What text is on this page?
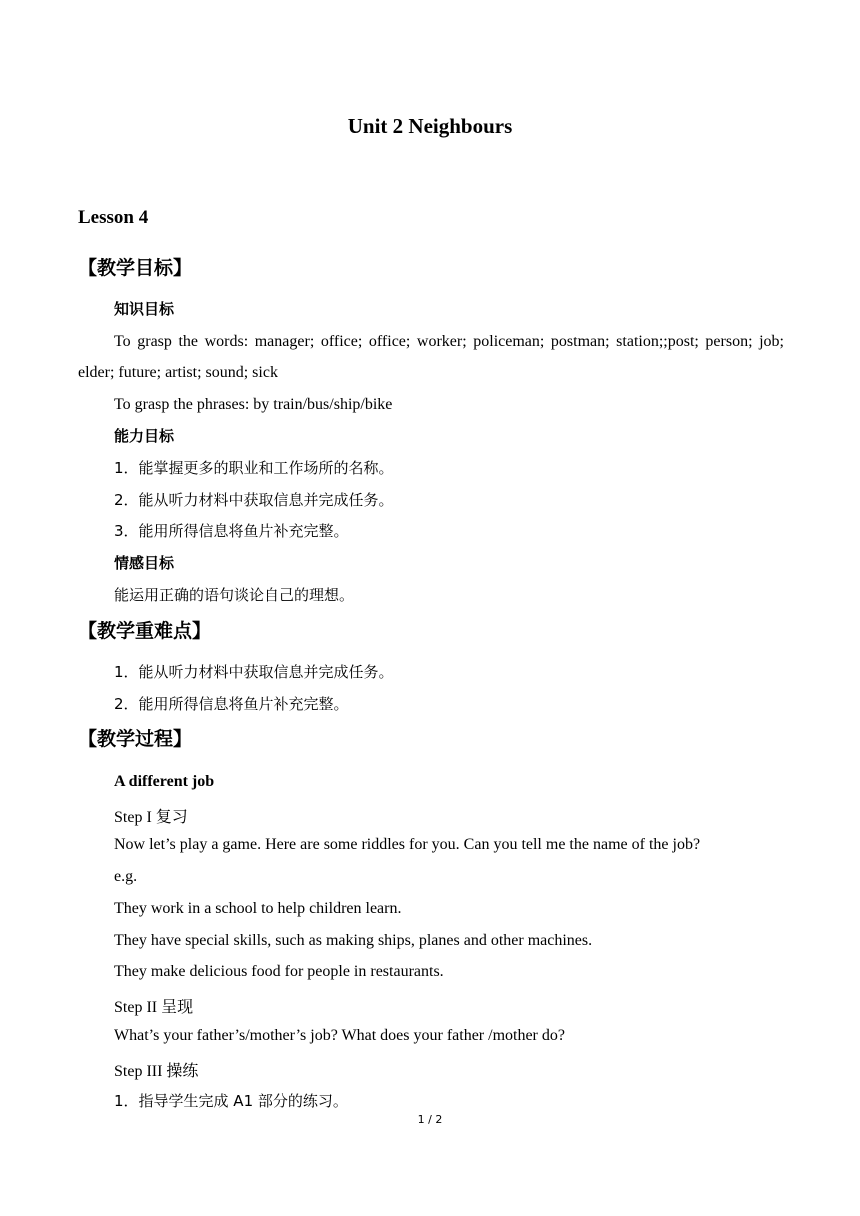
Unit 2 Neighbours
Lesson 4
【教学目标】
知识目标
To grasp the words: manager; office; office; worker; policeman; postman; station;;post; person; job; elder; future; artist; sound; sick
To grasp the phrases: by train/bus/ship/bike
能力目标
1．能掌握更多的职业和工作场所的名称。
2．能从听力材料中获取信息并完成任务。
3．能用所得信息将鱼片补充完整。
情感目标
能运用正确的语句谈论自己的理想。
【教学重难点】
1．能从听力材料中获取信息并完成任务。
2．能用所得信息将鱼片补充完整。
【教学过程】
A different job
Step I 复习
Now let’s play a game. Here are some riddles for you. Can you tell me the name of the job?
e.g.
They work in a school to help children learn.
They have special skills, such as making ships, planes and other machines.
They make delicious food for people in restaurants.
Step II 呈现
What’s your father’s/mother’s job? What does your father /mother do?
Step III 操练
1．指导学生完成 A1 部分的练习。
1 / 2
